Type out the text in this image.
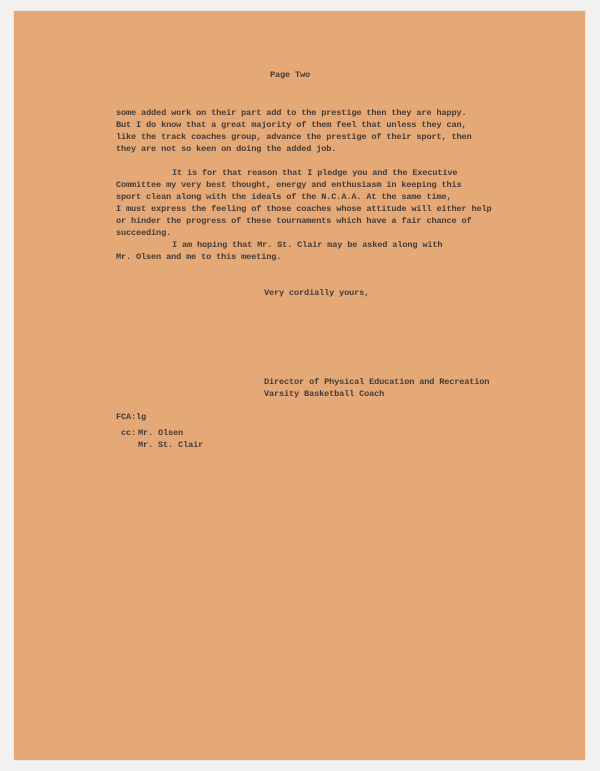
Page Two

some added work on their part add to the prestige then they are happy.

But I do know that a great majority of them feel that unless they can,

like the track coaches group, advance the prestige of their sport, then

they are not so keen on doing the added job.

It is for that reason that I pledge you and the Executive

Committee my very best thought, energy and enthusiasm in keeping this

sport clean along with the ideals of the N.C.A.A. At the same time,

I must express the feeling of those coaches whose attitude will either help

or hinder the progress of these tournaments which have a fair chance of

succeeding.

I am hoping that Mr. St. Clair may be asked along with

Mr. Olsen and me to this meeting.

Very cordially yours,

Director of Physical Education and Recreation

Varsity Basketball Coach

FCA:lg

cc: Mr. Olsen

Mr. St. Clair
